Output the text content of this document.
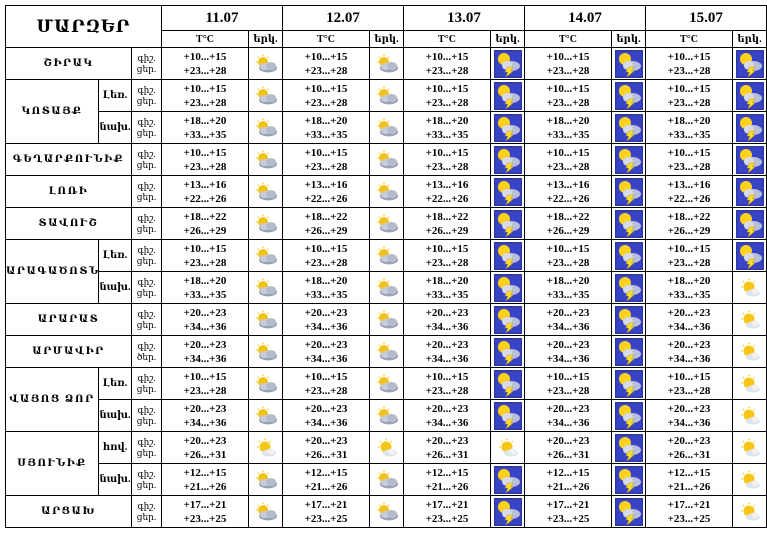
ՄԱՐԶԵՐ			11.07		12.07		13.07		14.07		15.07	
			T°C	երկ.	T°C	երկ.	T°C	երկ.	T°C	երկ.	T°C	երկ.
ՇԻՐԱԿ		գիշ.
ցեր.	+10...+15
+23...+28		+10...+15
+23...+28		+10...+15
+23...+28		+10...+15
+23...+28		+10...+15
+23...+28	

ԿՈՏԱՅՔ	Լեռ.	գիշ.
ցեր.	+10...+15
+23...+28		+10...+15
+23...+28		+10...+15
+23...+28		+10...+15
+23...+28		+10...+15
+23...+28	

	նախ.	գիշ.
ցեր.	+18...+20
+33...+35		+18...+20
+33...+35		+18...+20
+33...+35		+18...+20
+33...+35		+18...+20
+33...+35	

ԳԵՂԱՐՔՈՒՆԻՔ		գիշ.
ցեր.	+10...+15
+23...+28		+10...+15
+23...+28		+10...+15
+23...+28		+10...+15
+23...+28		+10...+15
+23...+28	

ԼՈՌԻ		գիշ.
ցեր.	+13...+16
+22...+26		+13...+16
+22...+26		+13...+16
+22...+26		+13...+16
+22...+26		+13...+16
+22...+26	

ՏԱՎՈՒՇ		գիշ.
ցեր.	+18...+22
+26...+29		+18...+22
+26...+29		+18...+22
+26...+29		+18...+22
+26...+29		+18...+22
+26...+29	

ԱՐԱԳԱԾՈՏՆ	Լեռ.	գիշ.
ցեր.	+10...+15
+23...+28		+10...+15
+23...+28		+10...+15
+23...+28		+10...+15
+23...+28		+10...+15
+23...+28	

	նախ.	գիշ.
ցեր.	+18...+20
+33...+35		+18...+20
+33...+35		+18...+20
+33...+35		+18...+20
+33...+35		+18...+20
+33...+35	

ԱՐԱՐԱՏ		գիշ.
ցեր.	+20...+23
+34...+36		+20...+23
+34...+36		+20...+23
+34...+36		+20...+23
+34...+36		+20...+23
+34...+36	

ԱՐՄԱՎԻՐ		գիշ.
ծեր.	+20...+23
+34...+36		+20...+23
+34...+36		+20...+23
+34...+36		+20...+23
+34...+36		+20...+23
+34...+36	

ՎԱՅՈՑ ՁՈՐ	Լեռ.	գիշ.
ցեր.	+10...+15
+23...+28		+10...+15
+23...+28		+10...+15
+23...+28		+10...+15
+23...+28		+10...+15
+23...+28	

	նախ.	գիշ.
ցեր.	+20...+23
+34...+36		+20...+23
+34...+36		+20...+23
+34...+36		+20...+23
+34...+36		+20...+23
+34...+36	

ՍՅՈՒՆԻՔ	հով.	գիշ.
ցեր.	+20...+23
+26...+31		+20...+23
+26...+31		+20...+23
+26...+31		+20...+23
+26...+31		+20...+23
+26...+31	

	նախ.	գիշ.
ցեր.	+12...+15
+21...+26		+12...+15
+21...+26		+12...+15
+21...+26		+12...+15
+21...+26		+12...+15
+21...+26	

ԱՐՑԱԽ		գիշ.
ցեր.	+17...+21
+23...+25		+17...+21
+23...+25		+17...+21
+23...+25		+17...+21
+23...+25		+17...+21
+23...+25	
